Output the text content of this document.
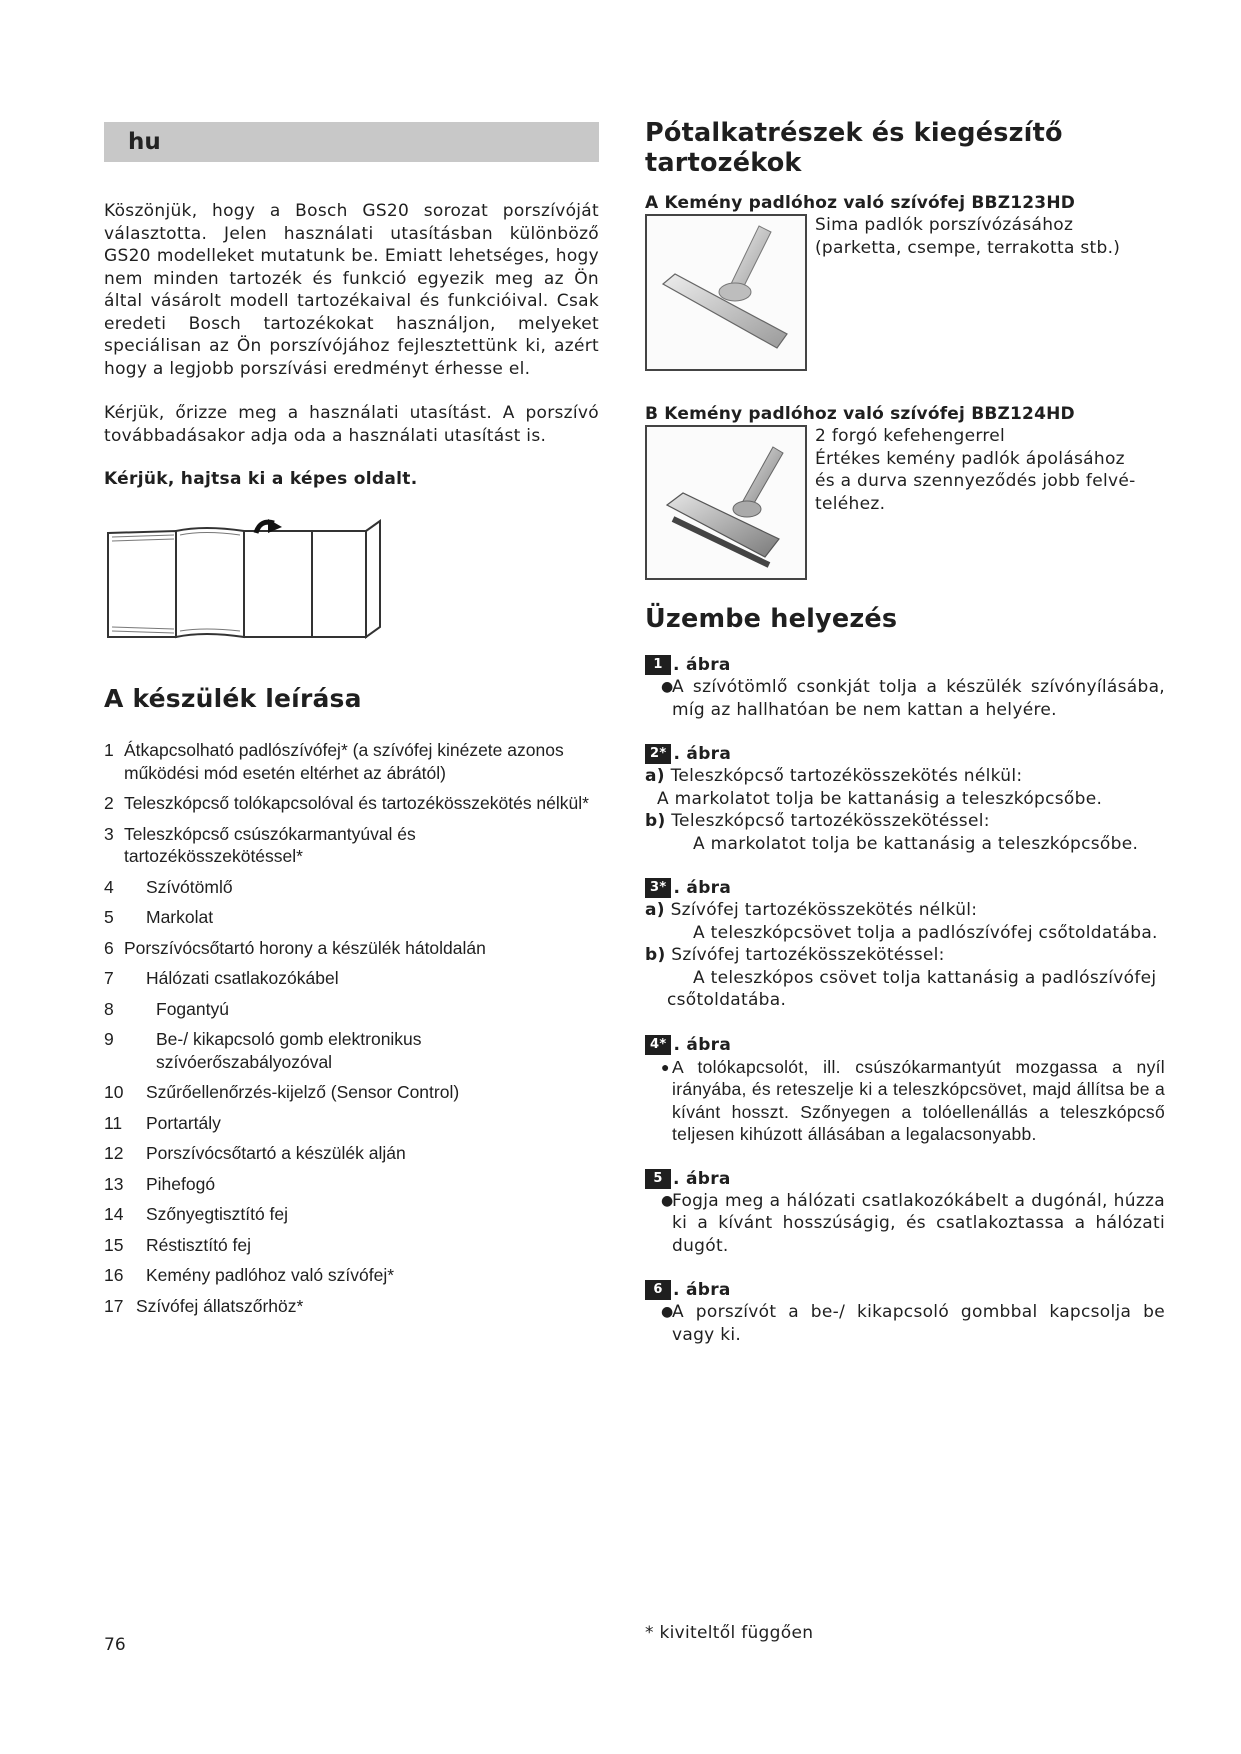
hu

Köszönjük, hogy a Bosch GS20 sorozat porszívóját választotta. Jelen használati utasításban különböző GS20 modelleket mutatunk be. Emiatt lehetséges, hogy nem minden tartozék és funkció egyezik meg az Ön által vásárolt modell tartozékaival és funkcióival. Csak eredeti Bosch tartozékokat használjon, melyeket speciálisan az Ön porszívójához fejlesztettünk ki, azért hogy a legjobb porszívási eredményt érhesse el.

Kérjük, őrizze meg a használati utasítást. A porszívó továbbadásakor adja oda a használati utasítást is.

Kérjük, hajtsa ki a képes oldalt.
A készülék leírása
1 Átkapcsolható padlószívófej* (a szívófej kinézete azonos működési mód esetén eltérhet az ábrától)
2 Teleszkópcső tolókapcsolóval és tartozékösszekötés nélkül*
3 Teleszkópcső csúszókarmantyúval és tartozékösszekötéssel*
4	Szívótömlő
5	Markolat
6 Porszívócsőtartó horony a készülék hátoldalán
7	Hálózati csatlakozókábel
8	Fogantyú
9	Be-/ kikapcsoló gomb elektronikus szívóerőszabályozóval
10	Szűrőellenőrzés-kijelző (Sensor Control)
11	Portartály
12	Porszívócsőtartó a készülék alján
13	Pihefogó
14	Szőnyegtisztító fej
15	Réstisztító fej
16	Kemény padlóhoz való szívófej*
17 Szívófej állatszőrhöz*
Pótalkatrészek és kiegészítő tartozékok
A Kemény padlóhoz való szívófej BBZ123HD
Sima padlók porszívózásához
(parketta, csempe, terrakotta stb.)
B Kemény padlóhoz való szívófej BBZ124HD
2 forgó kefehengerrel
Értékes kemény padlók ápolásához
és a durva szennyeződés jobb felvé-
teléhez.
Üzembe helyezés
1 . ábra
●
A szívótömlő csonkját tolja a készülék szívónyílásába, míg az hallhatóan be nem kattan a helyére.
2* . ábra
a) Teleszkópcső tartozékösszekötés nélkül:
A markolatot tolja be kattanásig a teleszkópcsőbe.
b) Teleszkópcső tartozékösszekötéssel:
A markolatot tolja be kattanásig a teleszkópcsőbe.
3* . ábra
a) Szívófej tartozékösszekötés nélkül:
A teleszkópcsövet tolja a padlószívófej csőtoldatába.
b) Szívófej tartozékösszekötéssel:
A teleszkópos csövet tolja kattanásig a padlószívófej
csőtoldatába.
4* . ábra
● A tolókapcsolót, ill. csúszókarmantyút mozgassa a nyíl irányába, és reteszelje ki a teleszkópcsövet, majd állítsa be a kívánt hosszt. Szőnyegen a tolóellenállás a teleszkópcső teljesen kihúzott állásában a legalacsonyabb.
5 . ábra
●
Fogja meg a hálózati csatlakozókábelt a dugónál, húzza ki a kívánt hosszúságig, és csatlakoztassa a hálózati dugót.
6 . ábra
●
A porszívót a be-/ kikapcsoló gombbal kapcsolja be vagy ki.
76
* kiviteltől függően
